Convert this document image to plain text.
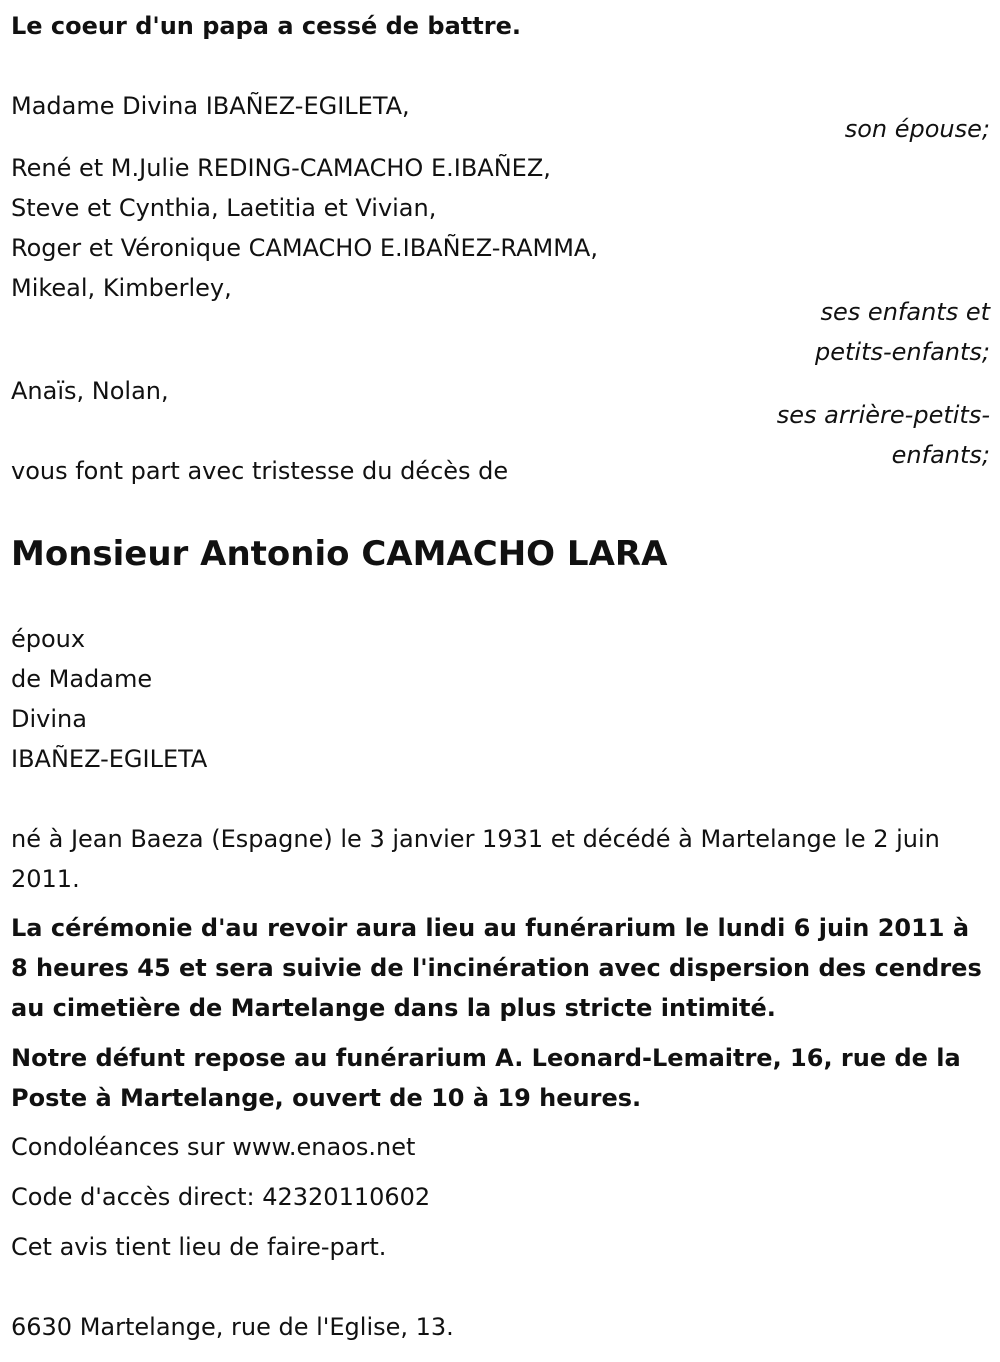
Le coeur d'un papa a cessé de battre.
Madame Divina IBAÑEZ-EGILETA,
son épouse;
René et M.Julie REDING-CAMACHO E.IBAÑEZ,
Steve et Cynthia, Laetitia et Vivian,
Roger et Véronique CAMACHO E.IBAÑEZ-RAMMA,
Mikeal, Kimberley,
ses enfants et
petits-enfants;
Anaïs, Nolan,
ses arrière-petits-
enfants;
vous font part avec tristesse du décès de
Monsieur Antonio CAMACHO LARA
époux
de Madame
Divina
IBAÑEZ-EGILETA
né à Jean Baeza (Espagne) le 3 janvier 1931 et décédé à Martelange le 2 juin 2011.
La cérémonie d'au revoir aura lieu au funérarium le lundi 6 juin 2011 à 8 heures 45 et sera suivie de l'incinération avec dispersion des cendres au cimetière de Martelange dans la plus stricte intimité.
Notre défunt repose au funérarium A. Leonard-Lemaitre, 16, rue de la Poste à Martelange, ouvert de 10 à 19 heures.
Condoléances sur www.enaos.net
Code d'accès direct: 42320110602
Cet avis tient lieu de faire-part.
6630 Martelange, rue de l'Eglise, 13.
